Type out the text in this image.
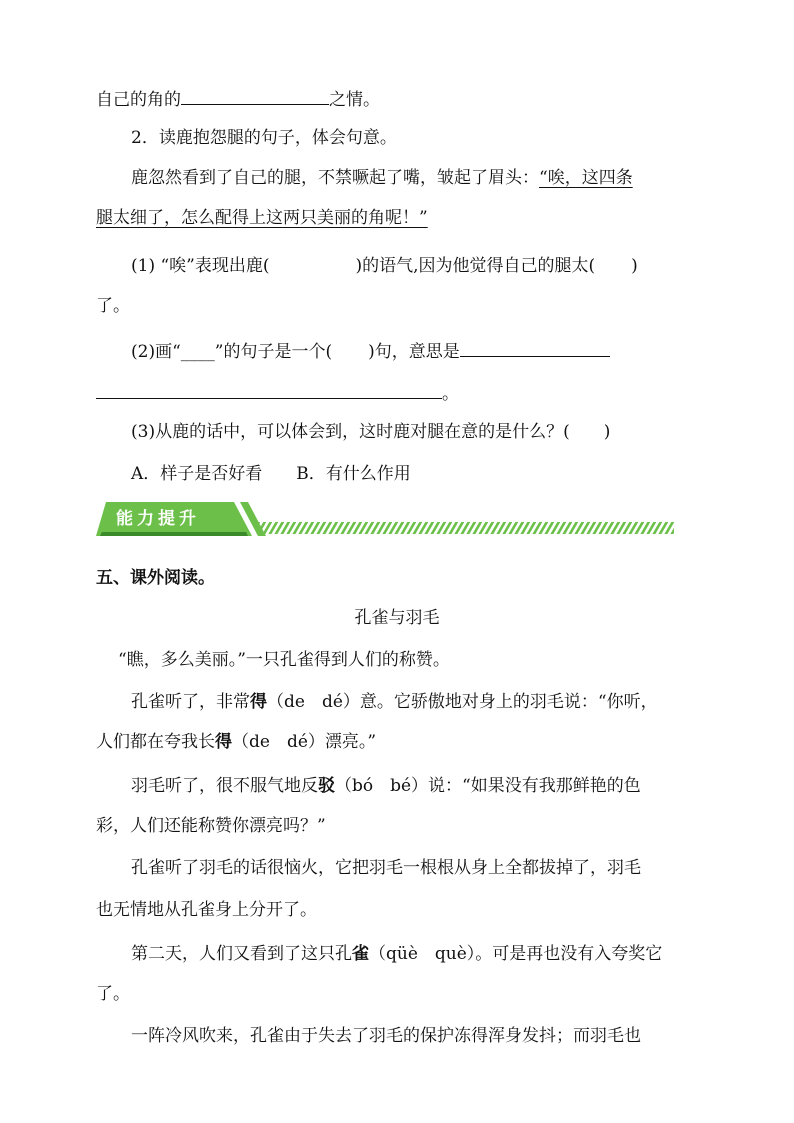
自己的角的	之情。
2．读鹿抱怨腿的句子，体会句意。
鹿忽然看到了自己的腿，不禁噘起了嘴，皱起了眉头：“唉，这四条
腿太细了，怎么配得上这两只美丽的角呢！”
(1) “唉”表现出鹿(	)的语气,因为他觉得自己的腿太( )
了。
(2)画“____”的句子是一个( )句，意思是
。
(3)从鹿的话中，可以体会到，这时鹿对腿在意的是什么？( )
A．样子是否好看　　B．有什么作用
能力提升
五、课外阅读。
孔雀与羽毛
“瞧，多么美丽。”一只孔雀得到人们的称赞。
孔雀听了，非常得（de　dé）意。它骄傲地对身上的羽毛说：“你听，
人们都在夸我长得（de　dé）漂亮。”
羽毛听了，很不服气地反驳（bó　bé）说：“如果没有我那鲜艳的色
彩，人们还能称赞你漂亮吗？”
孔雀听了羽毛的话很恼火，它把羽毛一根根从身上全都拔掉了，羽毛
也无情地从孔雀身上分开了。
第二天，人们又看到了这只孔雀（qüè　què）。可是再也没有入夸奖它
了。
一阵冷风吹来，孔雀由于失去了羽毛的保护冻得浑身发抖；而羽毛也
